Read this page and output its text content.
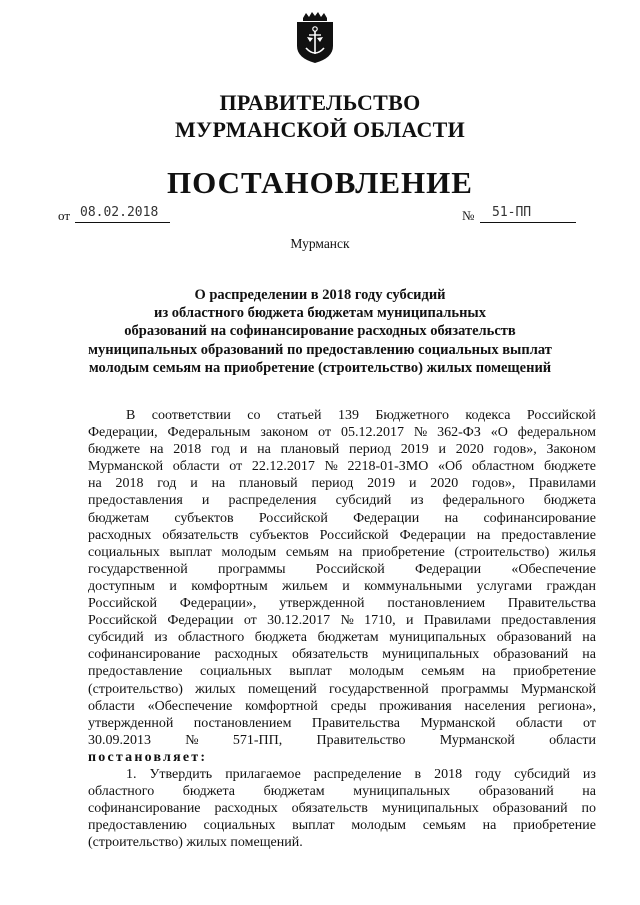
ПРАВИТЕЛЬСТВО
МУРМАНСКОЙ ОБЛАСТИ
ПОСТАНОВЛЕНИЕ
от 08.02.2018	№	51-ПП
Мурманск
О распределении в 2018 году субсидий
из областного бюджета бюджетам муниципальных
образований на софинансирование расходных обязательств
муниципальных образований по предоставлению социальных выплат
молодым семьям на приобретение (строительство) жилых помещений
В соответствии со статьей 139 Бюджетного кодекса Российской
Федерации, Федеральным законом от 05.12.2017 № 362-ФЗ «О федеральном
бюджете на 2018 год и на плановый период 2019 и 2020 годов», Законом
Мурманской области от 22.12.2017 № 2218-01-ЗМО «Об областном бюджете
на 2018 год и на плановый период 2019 и 2020 годов», Правилами
предоставления и распределения субсидий из федерального бюджета
бюджетам субъектов Российской Федерации на софинансирование
расходных обязательств субъектов Российской Федерации на предоставление
социальных выплат молодым семьям на приобретение (строительство) жилья
государственной программы Российской Федерации «Обеспечение
доступным и комфортным жильем и коммунальными услугами граждан
Российской Федерации», утвержденной постановлением Правительства
Российской Федерации от 30.12.2017 № 1710, и Правилами предоставления
субсидий из областного бюджета бюджетам муниципальных образований на
софинансирование расходных обязательств муниципальных образований на
предоставление социальных выплат молодым семьям на приобретение
(строительство) жилых помещений государственной программы Мурманской
области «Обеспечение комфортной среды проживания населения региона»,
утвержденной постановлением Правительства Мурманской области от
30.09.2013 № 571-ПП, Правительство Мурманской области
постановляет:
1. Утвердить прилагаемое распределение в 2018 году субсидий из
областного бюджета бюджетам муниципальных образований на
софинансирование расходных обязательств муниципальных образований по
предоставлению социальных выплат молодым семьям на приобретение
(строительство) жилых помещений.
